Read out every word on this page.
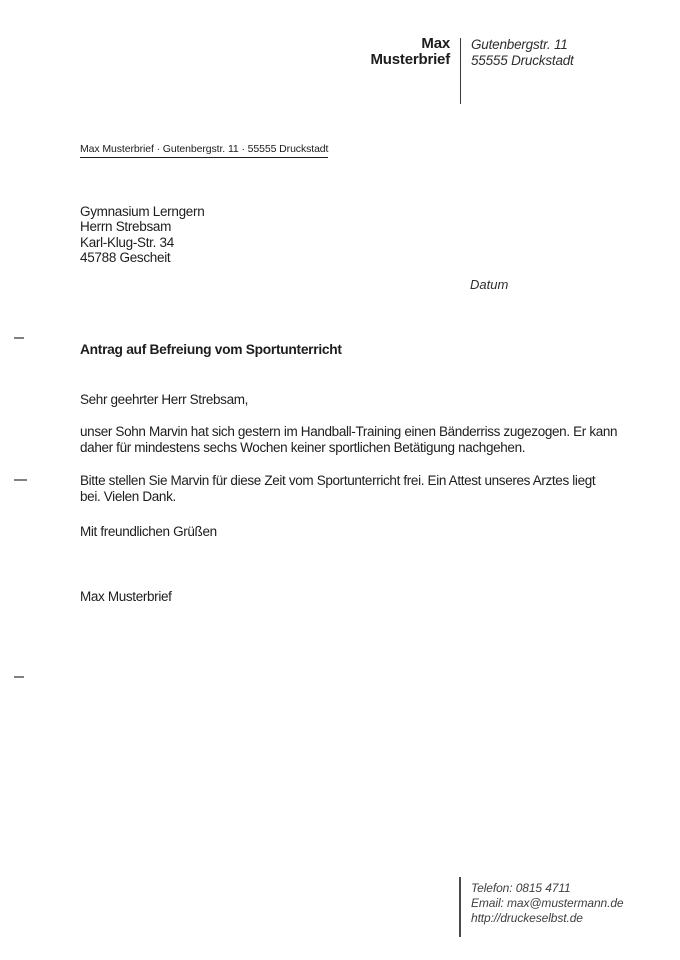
Max
Musterbrief
Gutenbergstr. 11
55555 Druckstadt
Max Musterbrief · Gutenbergstr. 11 · 55555 Druckstadt
Gymnasium Lerngern
Herrn Strebsam
Karl-Klug-Str. 34
45788 Gescheit
Datum
Antrag auf Befreiung vom Sportunterricht
Sehr geehrter Herr Strebsam,
unser Sohn Marvin hat sich gestern im Handball-Training einen Bänderriss zugezogen. Er kann
daher für mindestens sechs Wochen keiner sportlichen Betätigung nachgehen.
Bitte stellen Sie Marvin für diese Zeit vom Sportunterricht frei. Ein Attest unseres Arztes liegt
bei. Vielen Dank.
Mit freundlichen Grüßen
Max Musterbrief
Telefon: 0815 4711
Email: max@mustermann.de
http://druckeselbst.de
